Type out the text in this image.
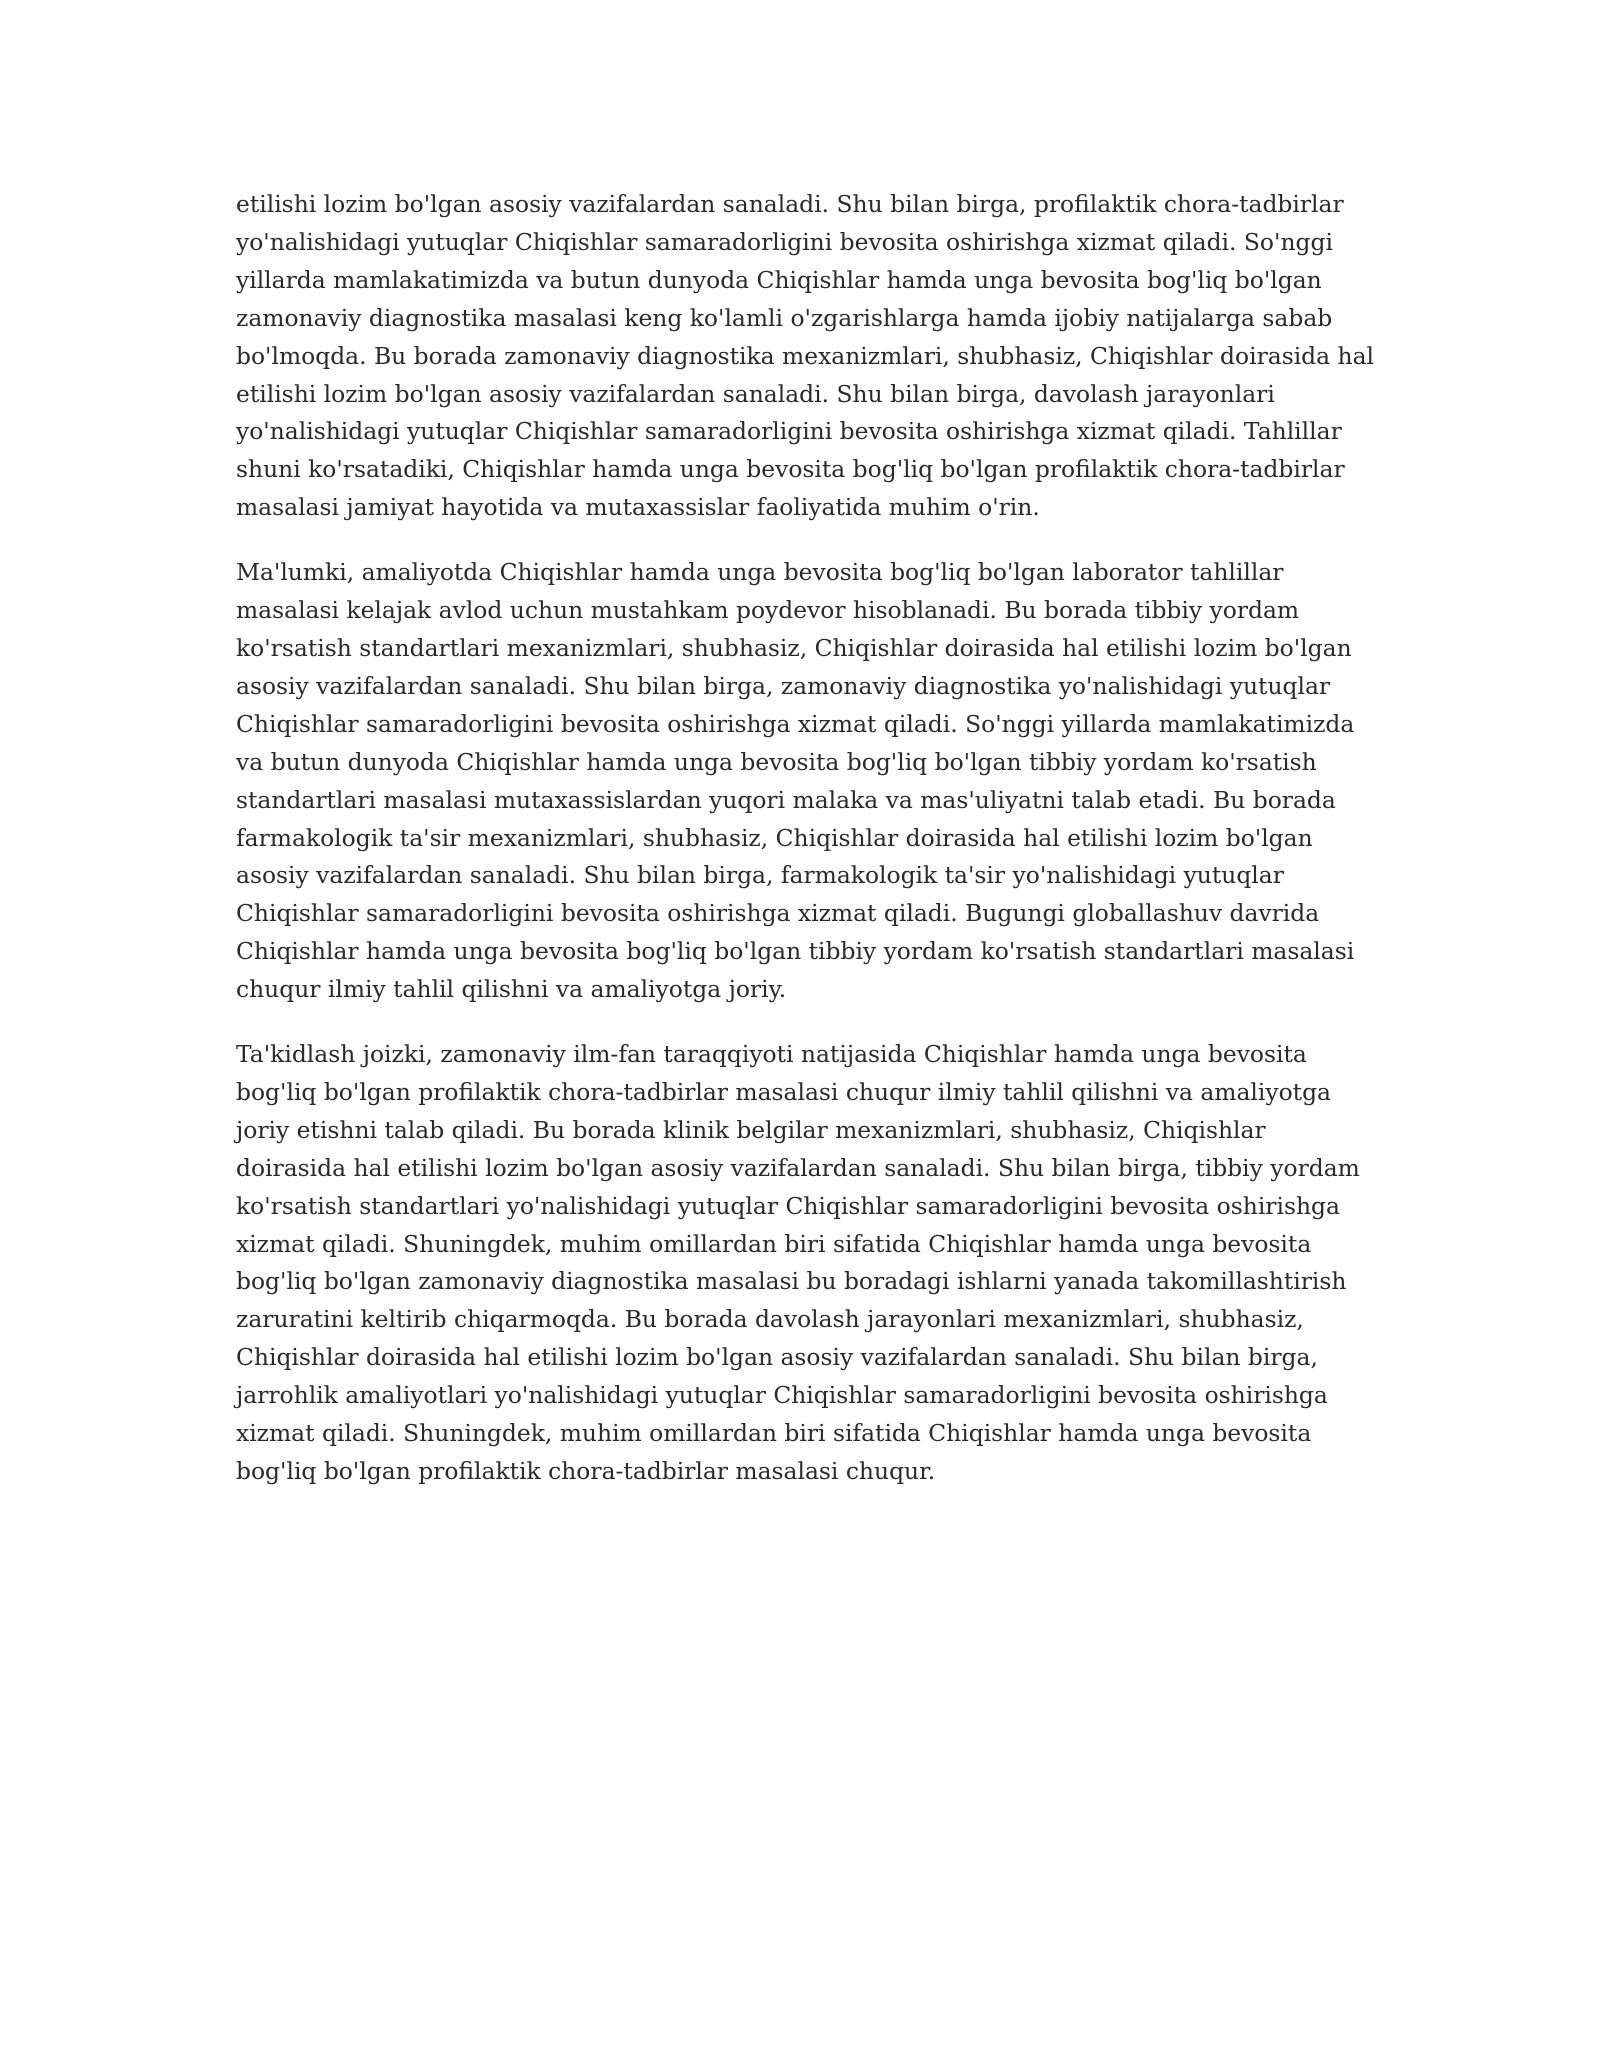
etilishi lozim bo'lgan asosiy vazifalardan sanaladi. Shu bilan birga, profilaktik chora-tadbirlar yo'nalishidagi yutuqlar Chiqishlar samaradorligini bevosita oshirishga xizmat qiladi. So'nggi yillarda mamlakatimizda va butun dunyoda Chiqishlar hamda unga bevosita bog'liq bo'lgan zamonaviy diagnostika masalasi keng ko'lamli o'zgarishlarga hamda ijobiy natijalarga sabab bo'lmoqda. Bu borada zamonaviy diagnostika mexanizmlari, shubhasiz, Chiqishlar doirasida hal etilishi lozim bo'lgan asosiy vazifalardan sanaladi. Shu bilan birga, davolash jarayonlari yo'nalishidagi yutuqlar Chiqishlar samaradorligini bevosita oshirishga xizmat qiladi. Tahlillar shuni ko'rsatadiki, Chiqishlar hamda unga bevosita bog'liq bo'lgan profilaktik chora-tadbirlar masalasi jamiyat hayotida va mutaxassislar faoliyatida muhim o'rin.

Ma'lumki, amaliyotda Chiqishlar hamda unga bevosita bog'liq bo'lgan laborator tahlillar masalasi kelajak avlod uchun mustahkam poydevor hisoblanadi. Bu borada tibbiy yordam ko'rsatish standartlari mexanizmlari, shubhasiz, Chiqishlar doirasida hal etilishi lozim bo'lgan asosiy vazifalardan sanaladi. Shu bilan birga, zamonaviy diagnostika yo'nalishidagi yutuqlar Chiqishlar samaradorligini bevosita oshirishga xizmat qiladi. So'nggi yillarda mamlakatimizda va butun dunyoda Chiqishlar hamda unga bevosita bog'liq bo'lgan tibbiy yordam ko'rsatish standartlari masalasi mutaxassislardan yuqori malaka va mas'uliyatni talab etadi. Bu borada farmakologik ta'sir mexanizmlari, shubhasiz, Chiqishlar doirasida hal etilishi lozim bo'lgan asosiy vazifalardan sanaladi. Shu bilan birga, farmakologik ta'sir yo'nalishidagi yutuqlar Chiqishlar samaradorligini bevosita oshirishga xizmat qiladi. Bugungi globallashuv davrida Chiqishlar hamda unga bevosita bog'liq bo'lgan tibbiy yordam ko'rsatish standartlari masalasi chuqur ilmiy tahlil qilishni va amaliyotga joriy.

Ta'kidlash joizki, zamonaviy ilm-fan taraqqiyoti natijasida Chiqishlar hamda unga bevosita bog'liq bo'lgan profilaktik chora-tadbirlar masalasi chuqur ilmiy tahlil qilishni va amaliyotga joriy etishni talab qiladi. Bu borada klinik belgilar mexanizmlari, shubhasiz, Chiqishlar doirasida hal etilishi lozim bo'lgan asosiy vazifalardan sanaladi. Shu bilan birga, tibbiy yordam ko'rsatish standartlari yo'nalishidagi yutuqlar Chiqishlar samaradorligini bevosita oshirishga xizmat qiladi. Shuningdek, muhim omillardan biri sifatida Chiqishlar hamda unga bevosita bog'liq bo'lgan zamonaviy diagnostika masalasi bu boradagi ishlarni yanada takomillashtirish zaruratini keltirib chiqarmoqda. Bu borada davolash jarayonlari mexanizmlari, shubhasiz, Chiqishlar doirasida hal etilishi lozim bo'lgan asosiy vazifalardan sanaladi. Shu bilan birga, jarrohlik amaliyotlari yo'nalishidagi yutuqlar Chiqishlar samaradorligini bevosita oshirishga xizmat qiladi. Shuningdek, muhim omillardan biri sifatida Chiqishlar hamda unga bevosita bog'liq bo'lgan profilaktik chora-tadbirlar masalasi chuqur.
